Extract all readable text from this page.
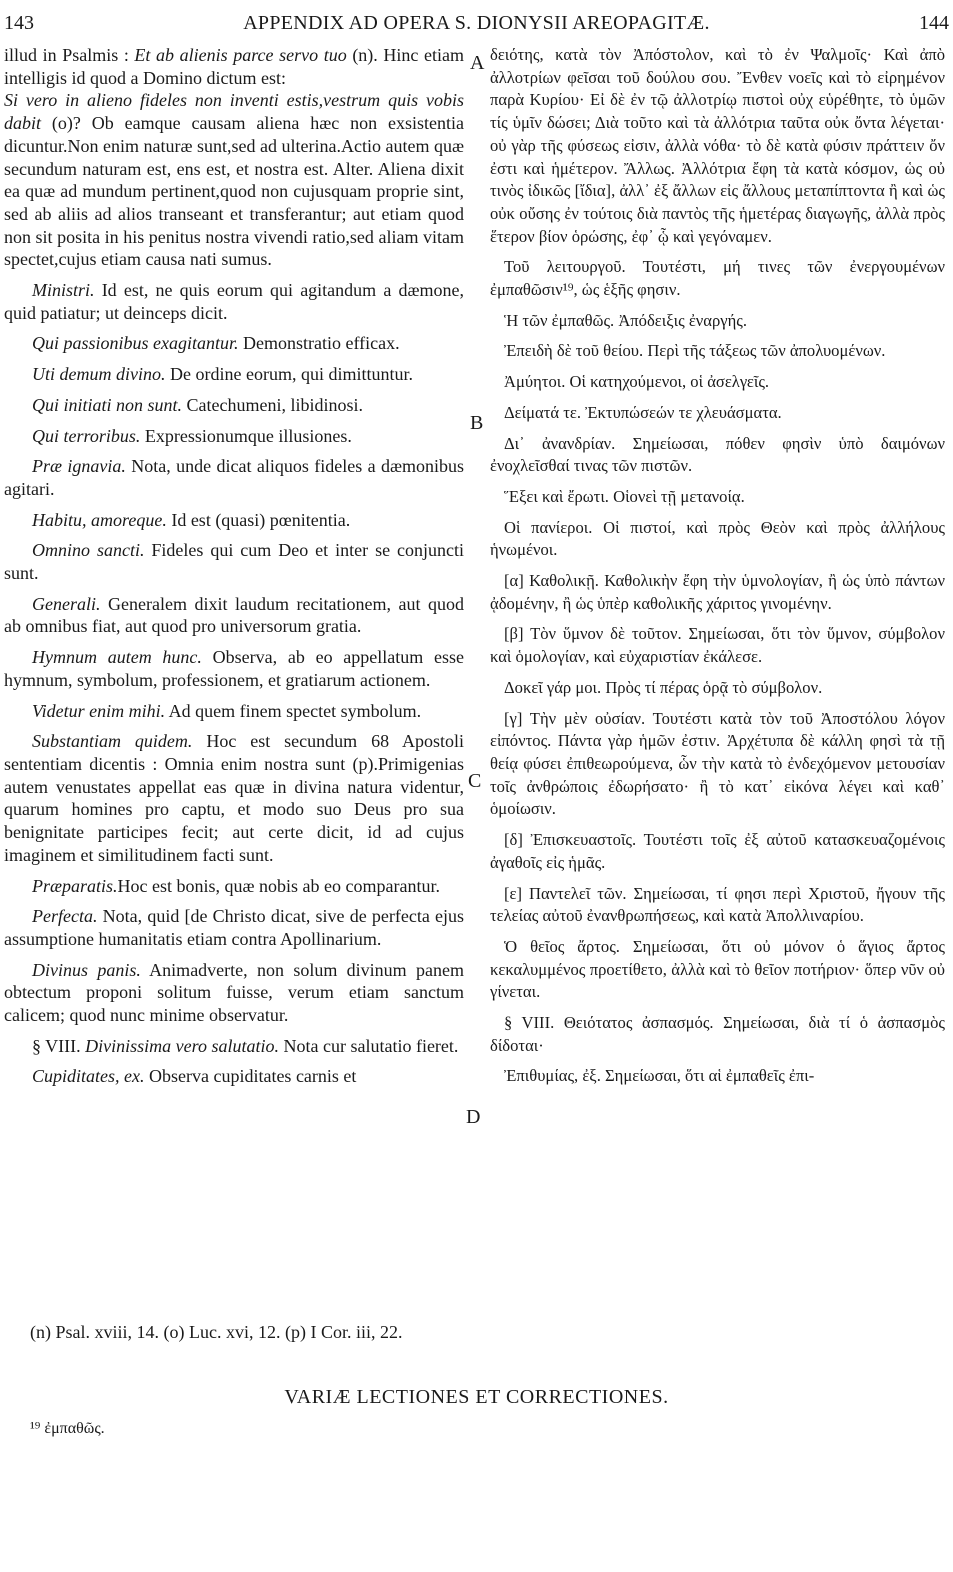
143	APPENDIX AD OPERA S. DIONYSII AREOPAGITÆ.	144

illud in Psalmis : Et ab alienis parce servo tuo (n). Hinc etiam intelligis id quod a Domino dictum est:

Si vero in alieno fideles non inventi estis,vestrum quis vobis dabit (o)? Ob eamque causam aliena hæc non exsistentia dicuntur.Non enim naturæ sunt,sed ad ulterina.Actio autem quæ secundum naturam est, ens est, et nostra est. Alter. Aliena dixit ea quæ ad mundum pertinent,quod non cujusquam proprie sint, sed ab aliis ad alios transeant et transferantur; aut etiam quod non sit posita in his penitus nostra vivendi ratio,sed aliam vitam spectet,cujus etiam causa nati sumus.

Ministri. Id est, ne quis eorum qui agitandum a dæmone, quid patiatur; ut deinceps dicit.

Qui passionibus exagitantur. Demonstratio efficax.

Uti demum divino. De ordine eorum, qui dimittuntur.

Qui initiati non sunt. Catechumeni, libidinosi.

Qui terroribus. Expressionumque illusiones.

Præ ignavia. Nota, unde dicat aliquos fideles a dæmonibus agitari.

Habitu, amoreque. Id est (quasi) pœnitentia.

Omnino sancti. Fideles qui cum Deo et inter se conjuncti sunt.

Generali. Generalem dixit laudum recitationem, aut quod ab omnibus fiat, aut quod pro universorum gratia.

Hymnum autem hunc. Observa, ab eo appellatum esse hymnum, symbolum, professionem, et gratiarum actionem.

Videtur enim mihi. Ad quem finem spectet symbolum.

Substantiam quidem. Hoc est secundum 68 Apostoli sententiam dicentis : Omnia enim nostra sunt (p).Primigenias autem venustates appellat eas quæ in divina natura videntur, quarum homines pro captu, et modo suo Deus pro sua benignitate participes fecit; aut certe dicit, id ad cujus imaginem et similitudinem facti sunt.

Præparatis.Hoc est bonis, quæ nobis ab eo comparantur.

Perfecta. Nota, quid [de Christo dicat, sive de perfecta ejus assumptione humanitatis etiam contra Apollinarium.

Divinus panis. Animadverte, non solum divinum panem obtectum proponi solitum fuisse, verum etiam sanctum calicem; quod nunc minime observatur.

§ VIII. Divinissima vero salutatio. Nota cur salutatio fieret.

Cupiditates, ex. Observa cupiditates carnis et

A
B
C
D

δειότης, κατὰ τὸν Ἀπόστολον, καὶ τὸ ἐν Ψαλμοῖς· Καὶ ἀπὸ ἀλλοτρίων φεῖσαι τοῦ δούλου σου. Ἔνθεν νοεῖς καὶ τὸ εἰρημένον παρὰ Κυρίου· Εἰ δὲ ἐν τῷ ἀλλοτρίῳ πιστοὶ οὐχ εὑρέθητε, τὸ ὑμῶν τίς ὑμῖν δώσει; Διὰ τοῦτο καὶ τὰ ἀλλότρια ταῦτα οὐκ ὄντα λέγεται· οὐ γὰρ τῆς φύσεως εἰσιν, ἀλλὰ νόθα· τὸ δὲ κατὰ φύσιν πράττειν ὄν ἐστι καὶ ἡμέτερον. Ἄλλως. Ἀλλότρια ἔφη τὰ κατὰ κόσμον, ὡς οὐ τινὸς ἰδικῶς [ἴδια], ἀλλ᾽ ἐξ ἄλλων εἰς ἄλλους μεταπίπτοντα ἢ καὶ ὡς οὐκ οὔσης ἐν τούτοις διὰ παντὸς τῆς ἡμετέρας διαγωγῆς, ἀλλὰ πρὸς ἕτερον βίον ὁρώσης, ἐφ᾽ ᾧ καὶ γεγόναμεν.

Τοῦ λειτουργοῦ. Τουτέστι, μή τινες τῶν ἐνεργουμένων ἐμπαθῶσιν¹⁹, ὡς ἑξῆς φησιν.

Ἡ τῶν ἐμπαθῶς. Ἀπόδειξις ἐναργής.

Ἐπειδὴ δὲ τοῦ θείου. Περὶ τῆς τάξεως τῶν ἀπολυομένων.

Ἀμύητοι. Οἱ κατηχούμενοι, οἱ ἀσελγεῖς.

Δείματά τε. Ἐκτυπώσεών τε χλευάσματα.

Δι᾽ ἀνανδρίαν. Σημείωσαι, πόθεν φησὶν ὑπὸ δαιμόνων ἐνοχλεῖσθαί τινας τῶν πιστῶν.

Ἕξει καὶ ἔρωτι. Οἱονεὶ τῇ μετανοίᾳ.

Οἱ πανίεροι. Οἱ πιστοί, καὶ πρὸς Θεὸν καὶ πρὸς ἀλλήλους ἡνωμένοι.

[α] Καθολικῇ. Καθολικὴν ἔφη τὴν ὑμνολογίαν, ἢ ὡς ὑπὸ πάντων ᾀδομένην, ἢ ὡς ὑπὲρ καθολικῆς χάριτος γινομένην.

[β] Τὸν ὕμνον δὲ τοῦτον. Σημείωσαι, ὅτι τὸν ὕμνον, σύμβολον καὶ ὁμολογίαν, καὶ εὐχαριστίαν ἐκάλεσε.

Δοκεῖ γάρ μοι. Πρὸς τί πέρας ὁρᾷ τὸ σύμβολον.

[γ] Τὴν μὲν οὐσίαν. Τουτέστι κατὰ τὸν τοῦ Ἀποστόλου λόγον εἰπόντος. Πάντα γὰρ ἡμῶν ἐστιν. Ἀρχέτυπα δὲ κάλλη φησὶ τὰ τῇ θείᾳ φύσει ἐπιθεωρούμενα, ὧν τὴν κατὰ τὸ ἐνδεχόμενον μετουσίαν τοῖς ἀνθρώποις ἐδωρήσατο· ἢ τὸ κατ᾽ εἰκόνα λέγει καὶ καθ᾽ ὁμοίωσιν.

[δ] Ἐπισκευαστοῖς. Τουτέστι τοῖς ἐξ αὐτοῦ κατασκευαζομένοις ἀγαθοῖς εἰς ἡμᾶς.

[ε] Παντελεῖ τῶν. Σημείωσαι, τί φησι περὶ Χριστοῦ, ἤγουν τῆς τελείας αὐτοῦ ἐνανθρωπήσεως, καὶ κατὰ Ἀπολλιναρίου.

Ὁ θεῖος ἄρτος. Σημείωσαι, ὅτι οὐ μόνον ὁ ἅγιος ἄρτος κεκαλυμμένος προετίθετο, ἀλλὰ καὶ τὸ θεῖον ποτήριον· ὅπερ νῦν οὐ γίνεται.

§ VIII. Θειότατος ἀσπασμός. Σημείωσαι, διὰ τί ὁ ἀσπασμὸς δίδοται·

Ἐπιθυμίας, ἐξ. Σημείωσαι, ὅτι αἱ ἐμπαθεῖς ἐπι-

(n) Psal. xviii, 14. (o) Luc. xvi, 12. (p) I Cor. iii, 22.
VARIÆ LECTIONES ET CORRECTIONES.
¹⁹ ἐμπαθῶς.
